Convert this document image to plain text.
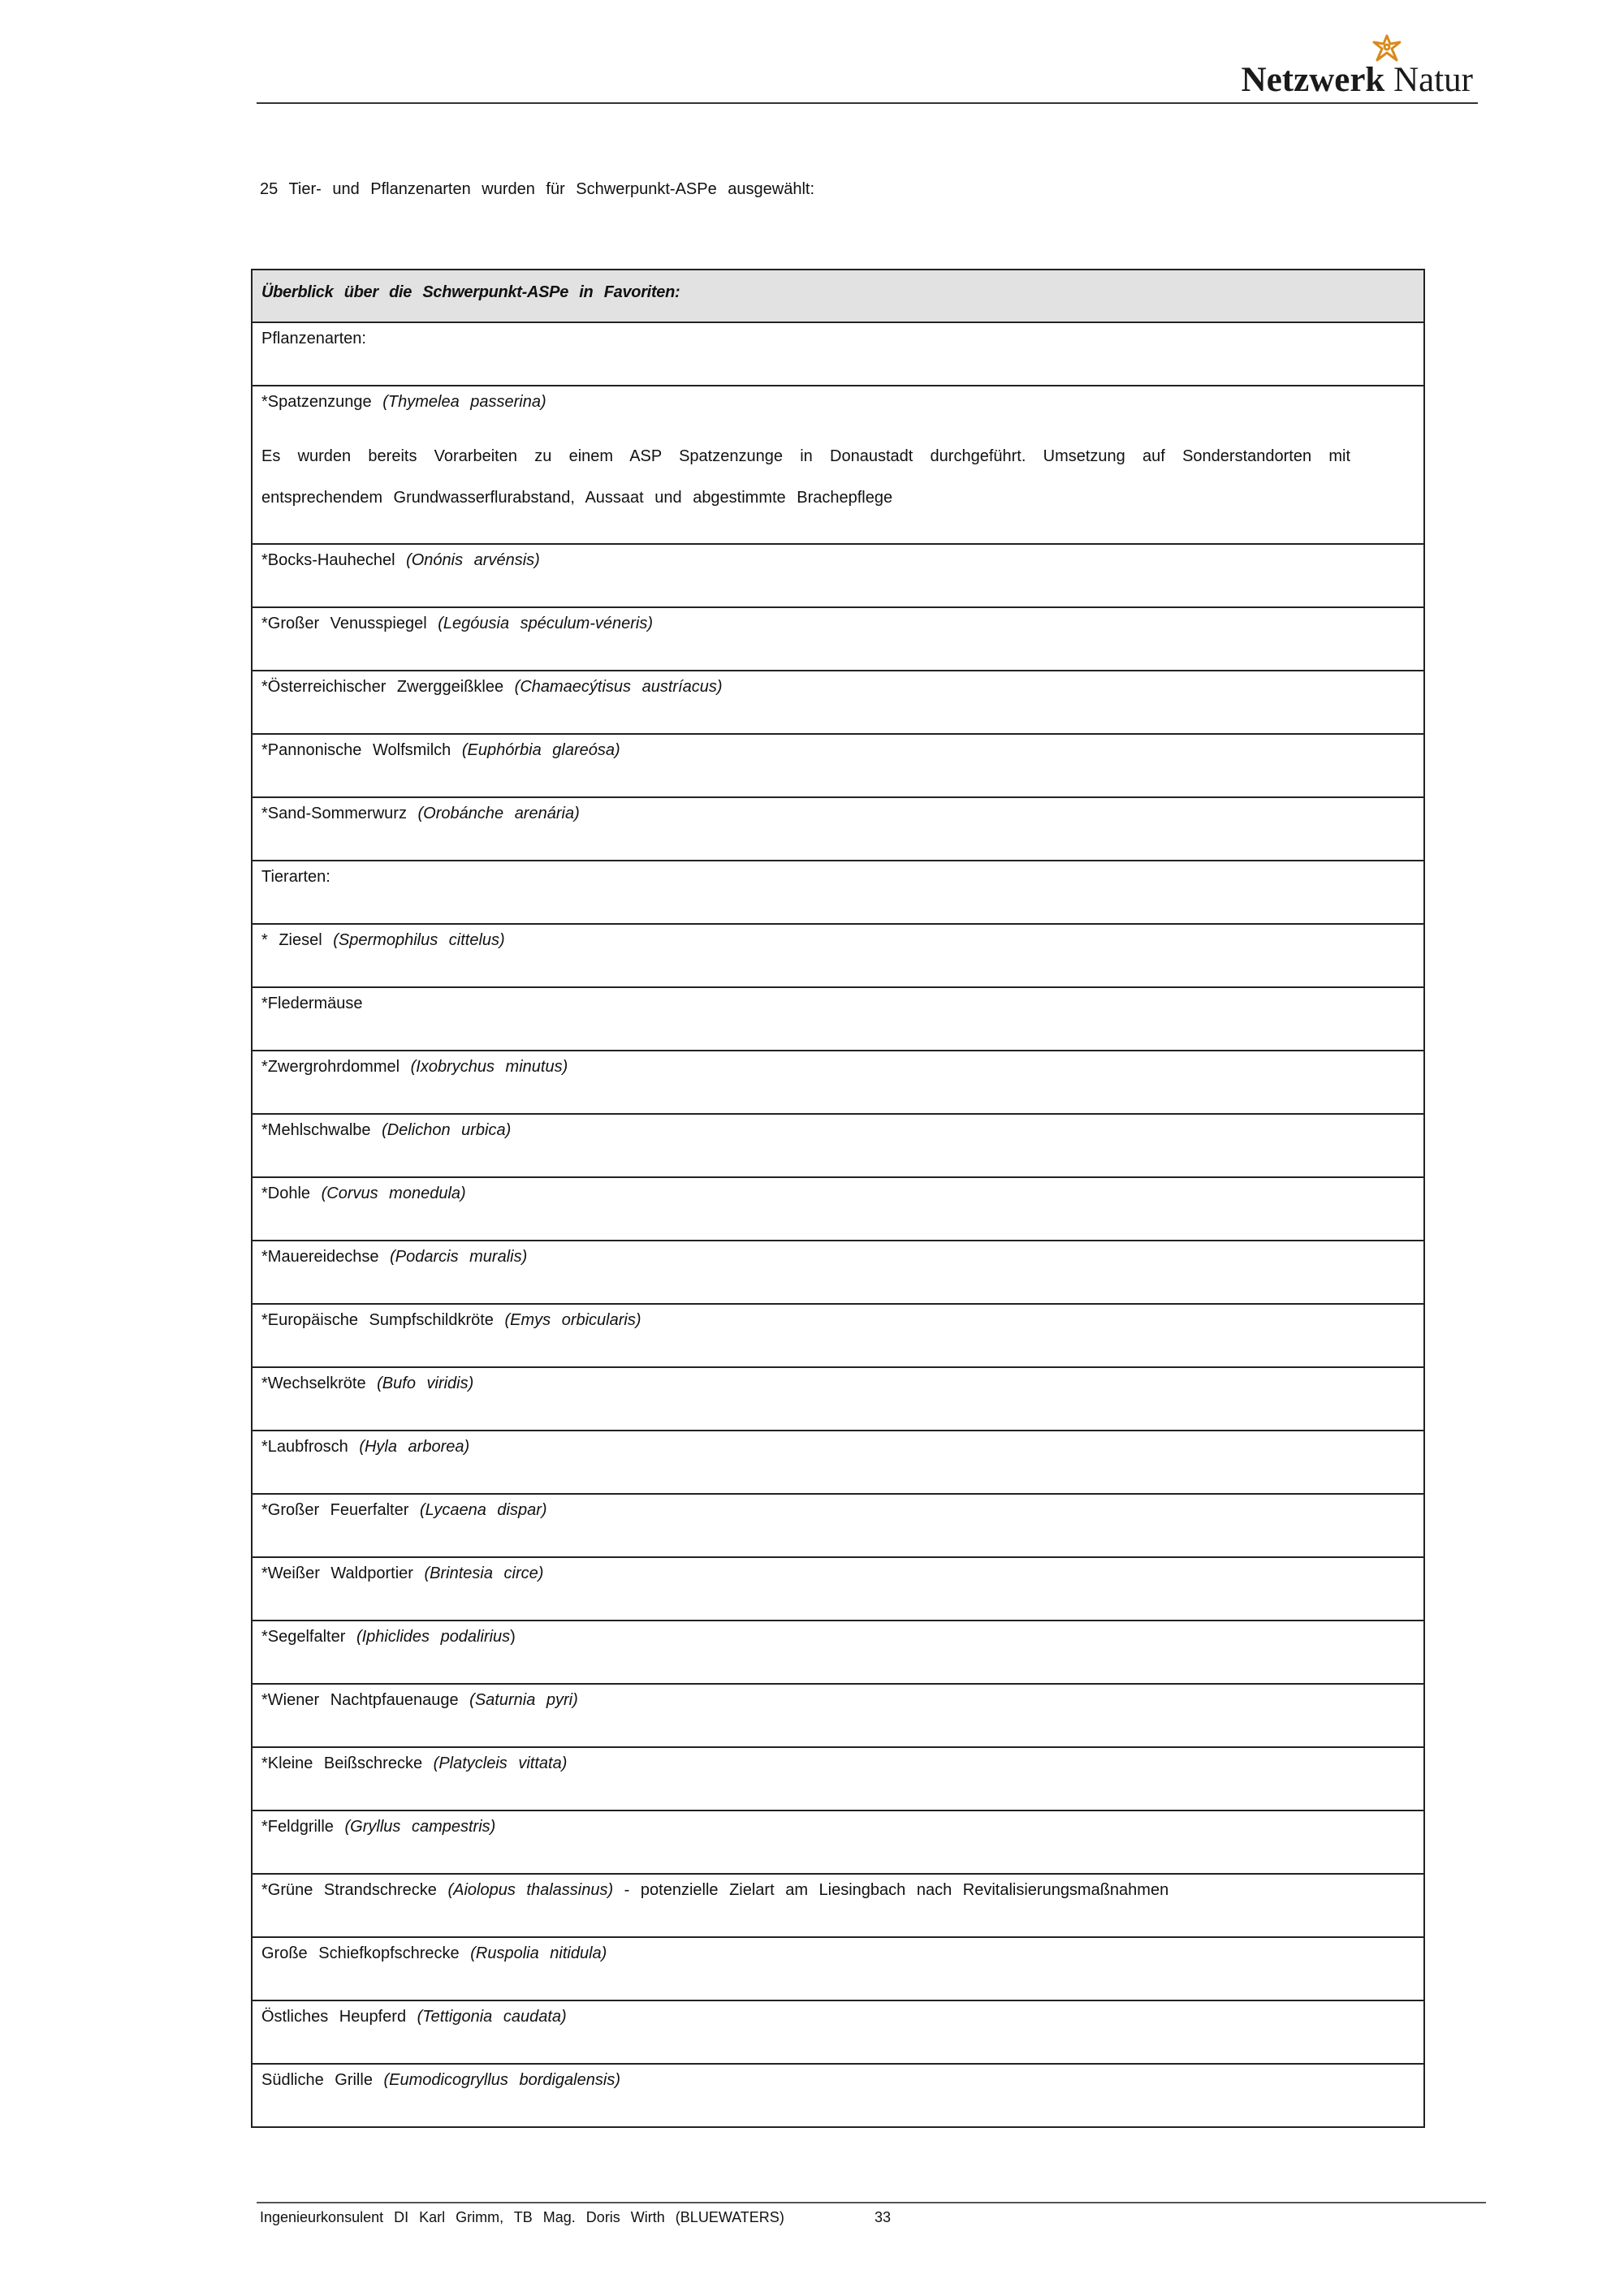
Netzwerk Natur
25 Tier- und Pflanzenarten wurden für Schwerpunkt-ASPe ausgewählt:
Überblick über die Schwerpunkt-ASPe in Favoriten:
Pflanzenarten:
*Spatzenzunge (Thymelea passerina)
Es wurden bereits Vorarbeiten zu einem ASP Spatzenzunge in Donaustadt durchgeführt. Umsetzung auf Sonderstandorten mit entsprechendem Grundwasserflurabstand, Aussaat und abgestimmte Brachepflege
*Bocks-Hauhechel (Onónis arvénsis)
*Großer Venusspiegel (Legóusia spéculum-véneris)
*Österreichischer Zwerggeißklee (Chamaecýtisus austríacus)
*Pannonische Wolfsmilch (Euphórbia glareósa)
*Sand-Sommerwurz (Orobánche arenária)
Tierarten:
* Ziesel (Spermophilus cittelus)
*Fledermäuse
*Zwergrohrdommel (Ixobrychus minutus)
*Mehlschwalbe (Delichon urbica)
*Dohle (Corvus monedula)
*Mauereidechse (Podarcis muralis)
*Europäische Sumpfschildkröte (Emys orbicularis)
*Wechselkröte (Bufo viridis)
*Laubfrosch (Hyla arborea)
*Großer Feuerfalter (Lycaena dispar)
*Weißer Waldportier (Brintesia circe)
*Segelfalter (Iphiclides podalirius)
*Wiener Nachtpfauenauge (Saturnia pyri)
*Kleine Beißschrecke (Platycleis vittata)
*Feldgrille (Gryllus campestris)
*Grüne Strandschrecke (Aiolopus thalassinus) - potenzielle Zielart am Liesingbach nach Revitalisierungsmaßnahmen
Große Schiefkopfschrecke (Ruspolia nitidula)
Östliches Heupferd (Tettigonia caudata)
Südliche Grille (Eumodicogryllus bordigalensis)
Ingenieurkonsulent DI Karl Grimm, TB Mag. Doris Wirth (BLUEWATERS)	33
